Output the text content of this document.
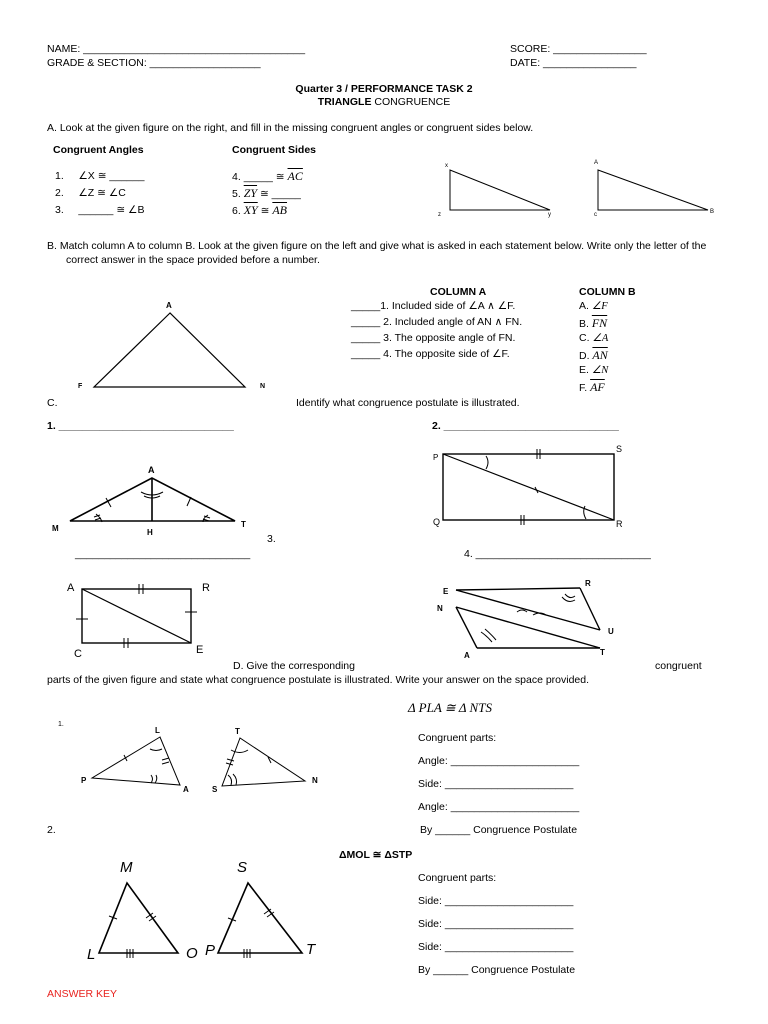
NAME: ______________________________________	SCORE: ________________
GRADE & SECTION: ___________________	DATE: ________________
Quarter 3 / PERFORMANCE TASK 2
TRIANGLE CONGRUENCE
A. Look at the given figure on the right, and fill in the missing congruent angles or congruent sides below.
Congruent Angles	Congruent Sides
1. ∠X ≅ ______
2. ∠Z ≅ ∠C
3. ______ ≅ ∠B
4. _____ ≅ $\overline{AC}$
5. $\overline{ZY}$ ≅ _____
6. $\overline{XY}$ ≅ $\overline{AB}$
x
z	y
A
c	B
B. Match column A to column B. Look at the given figure on the left and give what is asked in each statement below. Write only the letter of the
correct answer in the space provided before a number.
A
F	N
COLUMN A	COLUMN B
_____1. Included side of ∠A ∧ ∠F.
_____ 2. Included angle of AN ∧ FN.
_____ 3. The opposite angle of FN.
_____ 4. The opposite side of ∠F.
A. ∠F
B. $\overline{FN}$
C. ∠A
D. $\overline{AN}$
E. ∠N
F. $\overline{AF}$
C.	Identify what congruence postulate is illustrated.
1. ______________________________	2. ______________________________
A
M	H
T
P
S
Q	R
A	R
C	E
E
R
N
U
A	T
3.
______________________________	4. ______________________________
D. Give the corresponding	congruent
parts of the given figure and state what congruence postulate is illustrated. Write your answer on the space provided.
1.
L
P
A
T
S
N
2.
M
L	O
S
P	T
Δ PLA ≅ Δ NTS
Congruent parts:
Angle: ______________________
Side: ______________________
Angle: ______________________
By ______ Congruence Postulate
ΔMOL ≅ ΔSTP
Congruent parts:
Side: ______________________
Side: ______________________
Side: ______________________
By ______ Congruence Postulate
ANSWER KEY
